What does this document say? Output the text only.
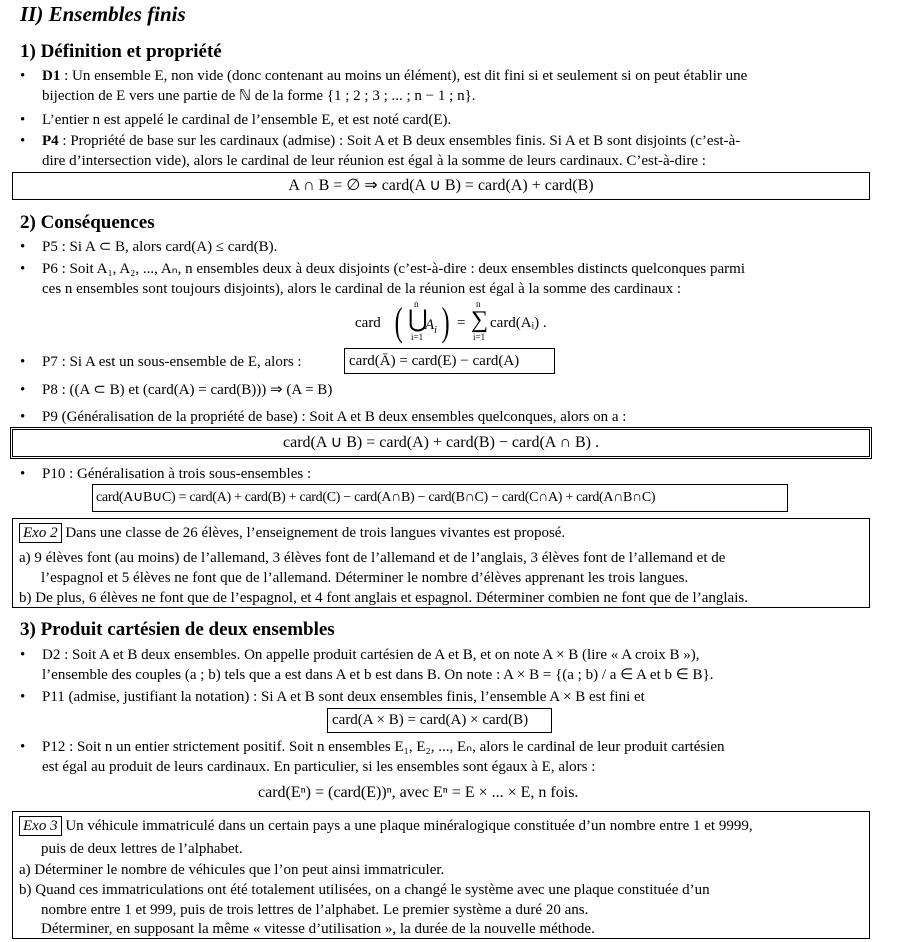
II) Ensembles finis
1) Définition et propriété
•	D1 : Un ensemble E, non vide (donc contenant au moins un élément), est dit fini si et seulement si on peut établir une
bijection de E vers une partie de ℕ de la forme {1 ; 2 ; 3 ; ... ; n − 1 ; n}.
•	L’entier n est appelé le cardinal de l’ensemble E, et est noté card(E).
•	P4 : Propriété de base sur les cardinaux (admise) : Soit A et B deux ensembles finis. Si A et B sont disjoints (c’est-à-
dire d’intersection vide), alors le cardinal de leur réunion est égal à la somme de leurs cardinaux. C’est-à-dire :
A ∩ B = ∅ ⇒ card(A ∪ B) = card(A) + card(B)
2) Conséquences
•	P5 : Si A ⊂ B, alors card(A) ≤ card(B).
•	P6 : Soit A₁, A₂, ..., Aₙ, n ensembles deux à deux disjoints (c’est-à-dire : deux ensembles distincts quelconques parmi
ces n ensembles sont toujours disjoints), alors le cardinal de la réunion est égal à la somme des cardinaux :
card ( n
⋃
$A_i$
i=1 ) =
n
∑
i=1
card(Aᵢ) .
•	P7 : Si A est un sous-ensemble de E, alors :	card(Ā) = card(E) − card(A)
•	P8 : ((A ⊂ B) et (card(A) = card(B))) ⇒ (A = B)
•	P9 (Généralisation de la propriété de base) : Soit A et B deux ensembles quelconques, alors on a :
card(A ∪ B) = card(A) + card(B) − card(A ∩ B) .
•	P10 : Généralisation à trois sous-ensembles :
card(A∪B∪C) = card(A) + card(B) + card(C) − card(A∩B) − card(B∩C) − card(C∩A) + card(A∩B∩C)
Exo 2 Dans une classe de 26 élèves, l’enseignement de trois langues vivantes est proposé.
a) 9 élèves font (au moins) de l’allemand, 3 élèves font de l’allemand et de l’anglais, 3 élèves font de l’allemand et de
l’espagnol et 5 élèves ne font que de l’allemand. Déterminer le nombre d’élèves apprenant les trois langues.
b) De plus, 6 élèves ne font que de l’espagnol, et 4 font anglais et espagnol. Déterminer combien ne font que de l’anglais.
3) Produit cartésien de deux ensembles
•	D2 : Soit A et B deux ensembles. On appelle produit cartésien de A et B, et on note A × B (lire « A croix B »),
l’ensemble des couples (a ; b) tels que a est dans A et b est dans B. On note : A × B = {(a ; b) / a ∈ A et b ∈ B}.
•	P11 (admise, justifiant la notation) : Si A et B sont deux ensembles finis, l’ensemble A × B est fini et
card(A × B) = card(A) × card(B)
•	P12 : Soit n un entier strictement positif. Soit n ensembles E₁, E₂, ..., Eₙ, alors le cardinal de leur produit cartésien
est égal au produit de leurs cardinaux. En particulier, si les ensembles sont égaux à E, alors :
card(Eⁿ) = (card(E))ⁿ, avec Eⁿ = E × ... × E, n fois.
Exo 3 Un véhicule immatriculé dans un certain pays a une plaque minéralogique constituée d’un nombre entre 1 et 9999,
puis de deux lettres de l’alphabet.
a) Déterminer le nombre de véhicules que l’on peut ainsi immatriculer.
b) Quand ces immatriculations ont été totalement utilisées, on a changé le système avec une plaque constituée d’un
nombre entre 1 et 999, puis de trois lettres de l’alphabet. Le premier système a duré 20 ans.
Déterminer, en supposant la même « vitesse d’utilisation », la durée de la nouvelle méthode.
